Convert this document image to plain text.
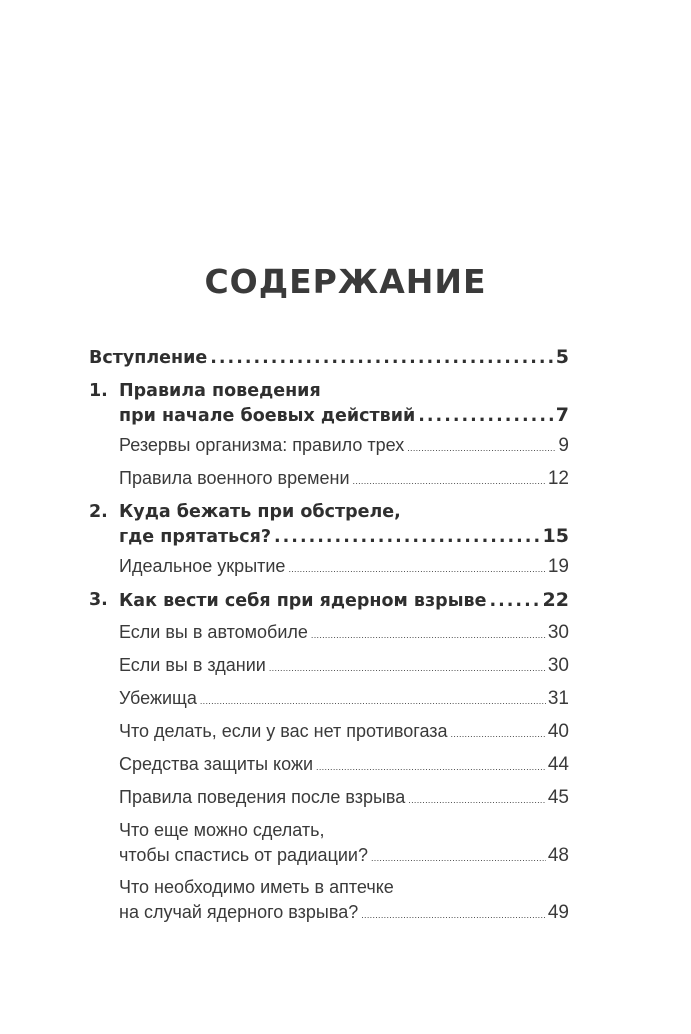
СОДЕРЖАНИЕ
Вступление .....	5
1. Правила поведения
при начале боевых действий .....	7
Резервы организма: правило трех .....	9
Правила военного времени .....	12
2. Куда бежать при обстреле,
где прятаться? .....	15
Идеальное укрытие .....	19
3. Как вести себя при ядерном взрыве .....	22
Если вы в автомобиле .....	30
Если вы в здании .....	30
Убежища .....	31
Что делать, если у вас нет противогаза .....	40
Средства защиты кожи .....	44
Правила поведения после взрыва .....	45
Что еще можно сделать,
чтобы спастись от радиации? .....	48
Что необходимо иметь в аптечке
на случай ядерного взрыва? .....	49
